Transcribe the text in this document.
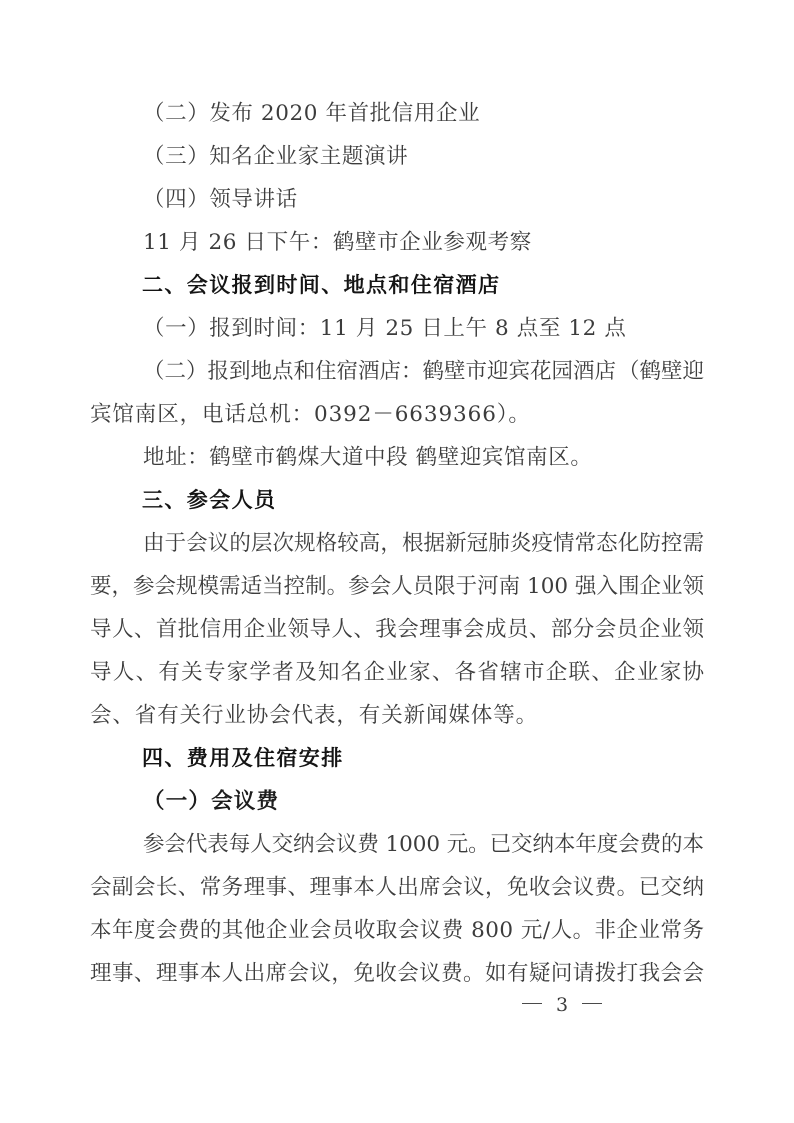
（二）发布 2020 年首批信用企业
（三）知名企业家主题演讲
（四）领导讲话
11 月 26 日下午：鹤壁市企业参观考察
二、会议报到时间、地点和住宿酒店
（一）报到时间：11 月 25 日上午 8 点至 12 点
（二）报到地点和住宿酒店：鹤壁市迎宾花园酒店 （鹤壁迎
宾馆南区，电话总机：0392－6639366）。
地址：鹤壁市鹤煤大道中段 鹤壁迎宾馆南区。
三、参会人员
由于会议的层次规格较高，根据新冠肺炎疫情常态化防控需
要，参会规模需适当控制。参会人员限于河南 100 强入围企业领
导人、首批信用企业领导人、我会理事会成员、部分会员企业领
导人、有关专家学者及知名企业家、各省辖市企联、企业家协
会、省有关行业协会代表，有关新闻媒体等。
四、费用及住宿安排
（一）会议费
参会代表每人交纳会议费 1000 元。已交纳本年度会费的本
会副会长、常务理事、理事本人出席会议，免收会议费。已交纳
本年度会费的其他企业会员收取会议费 800 元/人。非企业常务
理事、理事本人出席会议，免收会议费。如有疑问请拨打我会会
3
